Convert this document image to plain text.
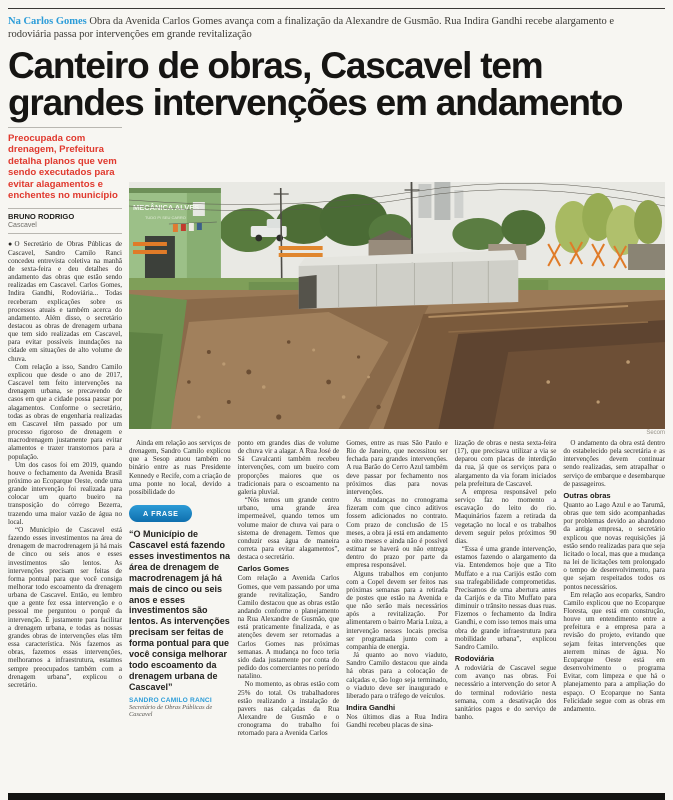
Na Carlos Gomes Obra da Avenida Carlos Gomes avança com a finalização da Alexandre de Gusmão. Rua Indira Gandhi recebe alargamento e rodoviária passa por intervenções em grande revitalização
Canteiro de obras, Cascavel tem grandes intervenções em andamento
Preocupada com drenagem, Prefeitura detalha planos que vem sendo executados para evitar alagamentos e enchentes no município
BRUNO RODRIGO
Cascavel

●O Secretário de Obras Públicas de Cascavel, Sandro Camilo Ranci concedeu entrevista coletiva na manhã de sexta-feira e deu detalhes do andamento das obras que estão sendo realizadas em Cascavel. Carlos Gomes, Indira Gandhi, Rodoviária... Todas receberam explicações sobre os processos atuais e também acerca do andamento. Além disso, o secretário destacou as obras de drenagem urbana que tem sido realizadas em Cascavel, para evitar possíveis inundações na cidade em situações de alto volume de chuva.

Com relação a isso, Sandro Camilo explicou que desde o ano de 2017, Cascavel tem feito intervenções na drenagem urbana, se precavendo de casos em que a cidade possa passar por alagamentos. Conforme o secretário, todas as obras de engenharia realizadas em Cascavel têm passado por um processo rigoroso de drenagem e macrodrenagem justamente para evitar alamentos e trazer transtornos para a população.

Um dos casos foi em 2019, quando houve o fechamento da Avenida Brasil próximo ao Ecoparque Oeste, onde uma grande intervenção foi realizada para colocar um quarto bueiro na transposição do córrego Bezerra, trazendo uma maior vazão de água no local.

“O Município de Cascavel está fazendo esses investimentos na área de drenagem de macrodrenagem já há mais de cinco ou seis anos e esses investimentos são lentos. As intervenções precisam ser feitas de forma pontual para que você consiga melhorar todo escoamento da drenagem urbana de Cascavel. Então, eu lembro que a gente fez essa intervenção e o pessoal me perguntou o porquê da intervenção. É justamente para facilitar a drenagem urbana, e todas as nossas grandes obras de intervenções elas têm essa característica. Nós fazemos as obras, fazemos essas intervenções, melhoramos a infraestrutura, estamos sempre preocupados também com a drenagem urbana”, explicou o secretário.

MECÂNICA ALVES
TUDO P/ SEU CARRO
Secom

Ainda em relação aos serviços de drenagem, Sandro Camilo explicou que a Sesop atuou também no binário entre as ruas Presidente Kennedy e Recife, com a criação de uma ponte no local, devido a possibilidade do

A FRASE
“O Município de Cascavel está fazendo esses investimentos na área de drenagem de macrodrenagem já há mais de cinco ou seis anos e esses investimentos são lentos. As intervenções precisam ser feitas de forma pontual para que você consiga melhorar todo escoamento da drenagem urbana de Cascavel”
SANDRO CAMILO RANCI
Secretário de Obras Públicas de Cascavel

ponto em grandes dias de volume de chuva vir a alagar. A Rua José de Sá Cavalcanti também recebeu intervenções, com um bueiro com proporções maiores que os tradicionais para o escoamento na galeria pluvial.

“Nós temos um grande centro urbano, uma grande área impermeável, quando temos um volume maior de chuva vai para o sistema de drenagem. Temos que conduzir essa água de maneira correta para evitar alagamentos”, destaca o secretário.

Carlos Gomes

Com relação a Avenida Carlos Gomes, que vem passando por uma grande revitalização, Sandro Camilo destacou que as obras estão andando conforme o planejamento na Rua Alexandre de Gusmão, que está praticamente finalizada, e as atenções devem ser retornadas a Carlos Gomes nas próximas semanas. A mudança no foco teria sido dada justamente por conta do pedido dos comerciantes no período natalino.

No momento, as obras estão com 25% do total. Os trabalhadores estão realizando a instalação de pavers nas calçadas da Rua Alexandre de Gusmão e o cronograma do trabalho foi retornado para a Avenida Carlos

Gomes, entre as ruas São Paulo e Rio de Janeiro, que necessitou ser fechada para grandes intervenções. A rua Barão do Cerro Azul também deve passar por fechamento nos próximos dias para novas intervenções.

As mudanças no cronograma fizeram com que cinco aditivos fossem adicionados no contrato. Com prazo de conclusão de 15 meses, a obra já está em andamento a oito meses e ainda não é possível estimar se haverá ou não entrega dentro do prazo por parte da empresa responsável.

Alguns trabalhos em conjunto com a Copel devem ser feitos nas próximas semanas para a retirada de postes que estão na Avenida e que não serão mais necessários após a revitalização. Por alimentarem o bairro Maria Luiza, a intervenção nesses locais precisa ser programada junto com a companhia de energia.

Já quanto ao novo viaduto, Sandro Camilo destacou que ainda há obras para a colocação de calçadas e, tão logo seja terminado, o viaduto deve ser inaugurado e liberado para o tráfego de veículos.

Indira Gandhi

Nos últimos dias a Rua Indira Gandhi recebeu placas de sina-

lização de obras e nesta sexta-feira (17), que precisava utilizar a via se deparou com placas de interdição da rua, já que os serviços para o alargamento da via foram iniciados pela prefeitura de Cascavel.

A empresa responsável pelo serviço faz no momento a escavação do leito do rio. Maquinários fazem a retirada da vegetação no local e os trabalhos devem seguir pelos próximos 90 dias.

“Essa é uma grande intervenção, estamos fazendo o alargamento da via. Entendemos hoje que a Tito Muffato e a rua Carijós estão com sua trafegabilidade comprometidas. Precisamos de uma abertura antes da Carijós e da Tito Muffato para diminuir o trânsito nessas duas ruas. Fizemos o fechamento da Indira Gandhi, e com isso temos mais uma obra de grande infraestrutura para mobilidade urbana”, explicou Sandro Camilo.

Rodoviária

A rodoviária de Cascavel segue com avanço nas obras. Foi necessário a intervenção do setor A do terminal rodoviário nesta semana, com a desativação dos sanitários pagos e do serviço de banho.

O andamento da obra está dentro do estabelecido pela secretária e as intervenções devem continuar sendo realizadas, sem atrapalhar o serviço de embarque e desembarque de passageiros.

Outras obras

Quanto ao Lago Azul e ao Tarumã, obras que tem sido acompanhadas por problemas devido ao abandono da antiga empresa, o secretário explicou que novas requisições já estão sendo realizadas para que seja licitado o local, mas que a mudança na lei de licitações tem prolongado o tempo de desenvolvimento, para que sejam respeitados todos os pontos necessários.

Em relação aos ecoparks, Sandro Camilo explicou que no Ecoparque Floresta, que está em construção, houve um entendimento entre a prefeitura e a empresa para a revisão do projeto, evitando que sejam feitas intervenções que aterrem minas de água. No Ecoparque Oeste está em desenvolvimento o programa Evitar, com limpeza e que há o planejamento para a ampliação do espaço. O Ecoparque no Santa Felicidade segue com as obras em andamento.
